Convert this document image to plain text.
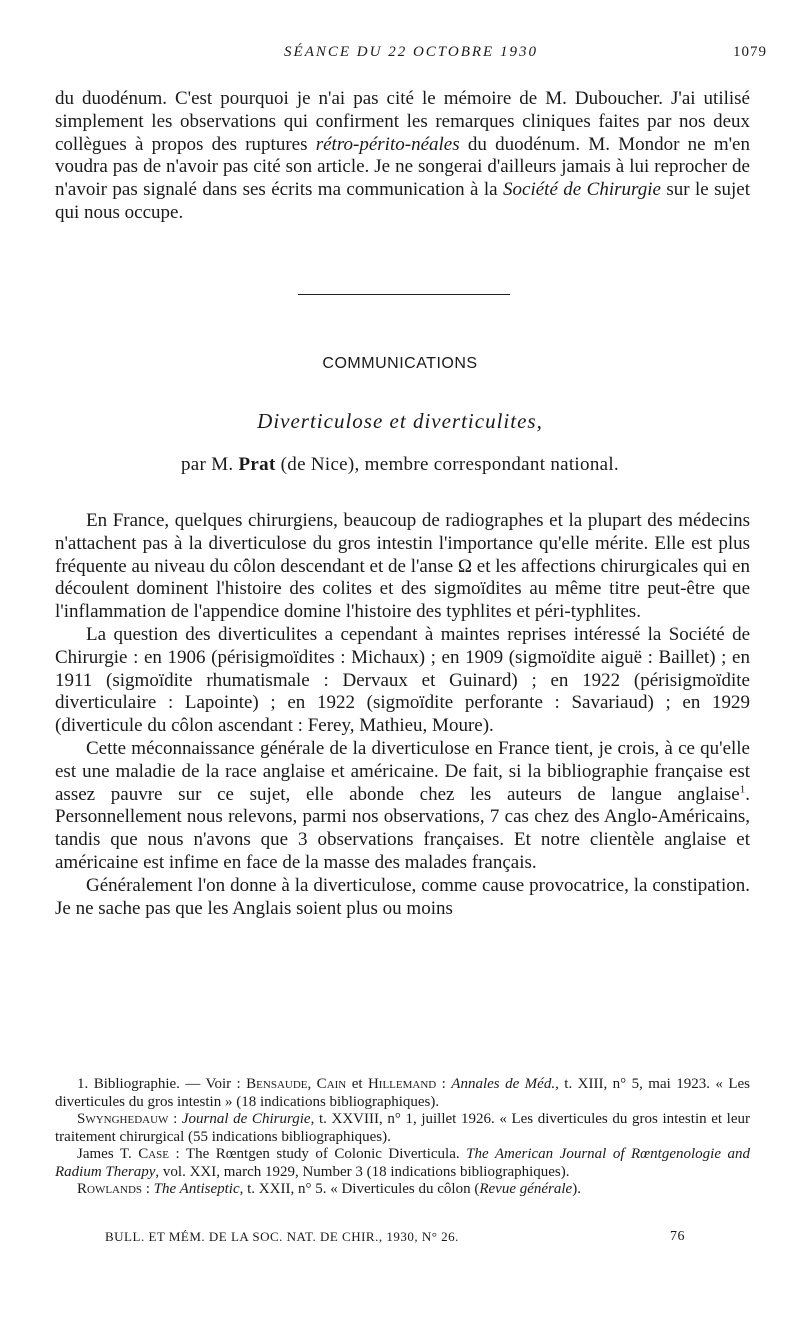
SÉANCE DU 22 OCTOBRE 1930	1079

du duodénum. C'est pourquoi je n'ai pas cité le mémoire de M. Duboucher. J'ai utilisé simplement les observations qui confirment les remarques cliniques faites par nos deux collègues à propos des ruptures rétro-périto-néales du duodénum. M. Mondor ne m'en voudra pas de n'avoir pas cité son article. Je ne songerai d'ailleurs jamais à lui reprocher de n'avoir pas signalé dans ses écrits ma communication à la Société de Chirurgie sur le sujet qui nous occupe.

COMMUNICATIONS
Diverticulose et diverticulites,
par M. Prat (de Nice), membre correspondant national.

En France, quelques chirurgiens, beaucoup de radiographes et la plupart des médecins n'attachent pas à la diverticulose du gros intestin l'importance qu'elle mérite. Elle est plus fréquente au niveau du côlon descendant et de l'anse Ω et les affections chirurgicales qui en découlent dominent l'histoire des colites et des sigmoïdites au même titre peut-être que l'inflammation de l'appendice domine l'histoire des typhlites et péri-typhlites.

La question des diverticulites a cependant à maintes reprises intéressé la Société de Chirurgie : en 1906 (périsigmoïdites : Michaux) ; en 1909 (sigmoïdite aiguë : Baillet) ; en 1911 (sigmoïdite rhumatismale : Dervaux et Guinard) ; en 1922 (périsigmoïdite diverticulaire : Lapointe) ; en 1922 (sigmoïdite perforante : Savariaud) ; en 1929 (diverticule du côlon ascendant : Ferey, Mathieu, Moure).

Cette méconnaissance générale de la diverticulose en France tient, je crois, à ce qu'elle est une maladie de la race anglaise et américaine. De fait, si la bibliographie française est assez pauvre sur ce sujet, elle abonde chez les auteurs de langue anglaise$^1$. Personnellement nous relevons, parmi nos observations, 7 cas chez des Anglo-Américains, tandis que nous n'avons que 3 observations françaises. Et notre clientèle anglaise et américaine est infime en face de la masse des malades français.

Généralement l'on donne à la diverticulose, comme cause provocatrice, la constipation. Je ne sache pas que les Anglais soient plus ou moins

1. Bibliographie. — Voir : Bensaude, Cain et Hillemand : Annales de Méd., t. XIII, n° 5, mai 1923. « Les diverticules du gros intestin » (18 indications bibliographiques).

Swynghedauw : Journal de Chirurgie, t. XXVIII, n° 1, juillet 1926. « Les diverticules du gros intestin et leur traitement chirurgical (55 indications bibliographiques).

James T. Case : The Rœntgen study of Colonic Diverticula. The American Journal of Rœntgenologie and Radium Therapy, vol. XXI, march 1929, Number 3 (18 indications bibliographiques).

Rowlands : The Antiseptic, t. XXII, n° 5. « Diverticules du côlon (Revue générale).

BULL. ET MÉM. DE LA SOC. NAT. DE CHIR., 1930, N° 26.	76
